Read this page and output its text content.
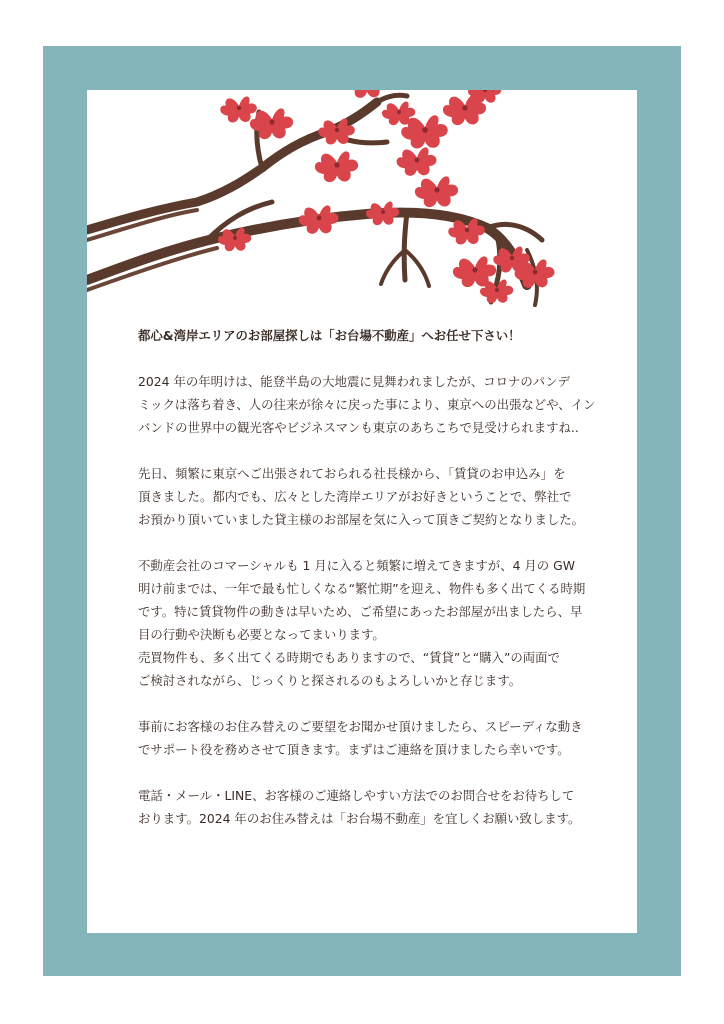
都心&湾岸エリアのお部屋探しは「お台場不動産」へお任せ下さい！

2024 年の年明けは、能登半島の大地震に見舞われましたが、コロナのパンデ

ミックは落ち着き、人の往来が徐々に戻った事により、東京への出張などや、イン

バンドの世界中の観光客やビジネスマンも東京のあちこちで見受けられますね..

先日、頻繁に東京へご出張されておられる社長様から、「賃貸のお申込み」を

頂きました。都内でも、広々とした湾岸エリアがお好きということで、弊社で

お預かり頂いていました貸主様のお部屋を気に入って頂きご契約となりました。

不動産会社のコマーシャルも 1 月に入ると頻繁に増えてきますが、4 月の GW

明け前までは、一年で最も忙しくなる“繁忙期”を迎え、物件も多く出てくる時期

です。特に賃貸物件の動きは早いため、ご希望にあったお部屋が出ましたら、早

目の行動や決断も必要となってまいります。

売買物件も、多く出てくる時期でもありますので、“賃貸”と“購入”の両面で

ご検討されながら、じっくりと探されるのもよろしいかと存じます。

事前にお客様のお住み替えのご要望をお聞かせ頂けましたら、スピーディな動き

でサポート役を務めさせて頂きます。まずはご連絡を頂けましたら幸いです。

電話・メール・LINE、お客様のご連絡しやすい方法でのお問合せをお待ちして

おります。2024 年のお住み替えは「お台場不動産」を宜しくお願い致します。
